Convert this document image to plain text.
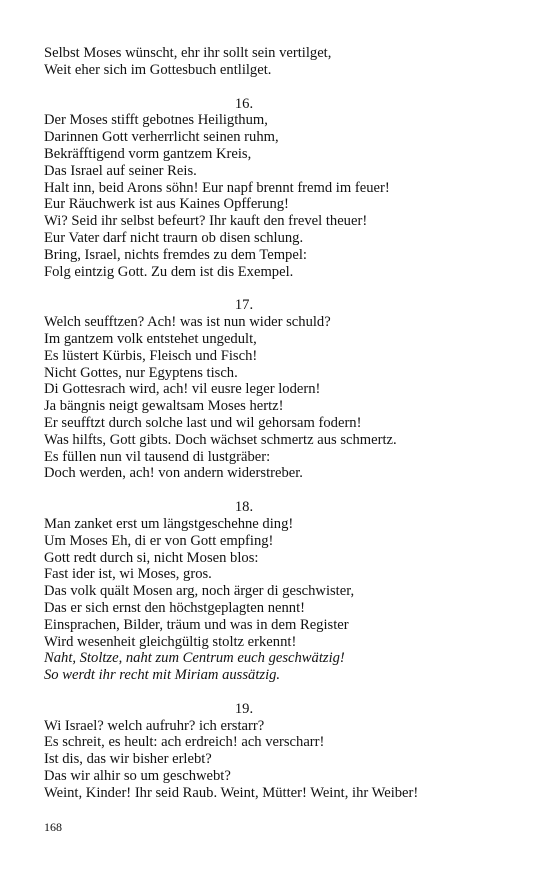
Selbst Moses wünscht, ehr ihr sollt sein vertilget,
Weit eher sich im Gottesbuch entlilget.
16.
Der Moses stifft gebotnes Heiligthum,
Darinnen Gott verherrlicht seinen ruhm,
Bekräfftigend vorm gantzem Kreis,
Das Israel auf seiner Reis.
Halt inn, beid Arons söhn! Eur napf brennt fremd im feuer!
Eur Räuchwerk ist aus Kaines Opfferung!
Wi? Seid ihr selbst befeurt? Ihr kauft den frevel theuer!
Eur Vater darf nicht traurn ob disen schlung.
Bring, Israel, nichts fremdes zu dem Tempel:
Folg eintzig Gott. Zu dem ist dis Exempel.
17.
Welch seufftzen? Ach! was ist nun wider schuld?
Im gantzem volk entstehet ungedult,
Es lüstert Kürbis, Fleisch und Fisch!
Nicht Gottes, nur Egyptens tisch.
Di Gottesrach wird, ach! vil eusre leger lodern!
Ja bängnis neigt gewaltsam Moses hertz!
Er seufftzt durch solche last und wil gehorsam fodern!
Was hilfts, Gott gibts. Doch wächset schmertz aus schmertz.
Es füllen nun vil tausend di lustgräber:
Doch werden, ach! von andern widerstreber.
18.
Man zanket erst um längstgeschehne ding!
Um Moses Eh, di er von Gott empfing!
Gott redt durch si, nicht Mosen blos:
Fast ider ist, wi Moses, gros.
Das volk quält Mosen arg, noch ärger di geschwister,
Das er sich ernst den höchstgeplagten nennt!
Einsprachen, Bilder, träum und was in dem Register
Wird wesenheit gleichgültig stoltz erkennt!
Naht, Stoltze, naht zum Centrum euch geschwätzig!
So werdt ihr recht mit Miriam aussätzig.
19.
Wi Israel? welch aufruhr? ich erstarr?
Es schreit, es heult: ach erdreich! ach verscharr!
Ist dis, das wir bisher erlebt?
Das wir alhir so um geschwebt?
Weint, Kinder! Ihr seid Raub. Weint, Mütter! Weint, ihr Weiber!
168
